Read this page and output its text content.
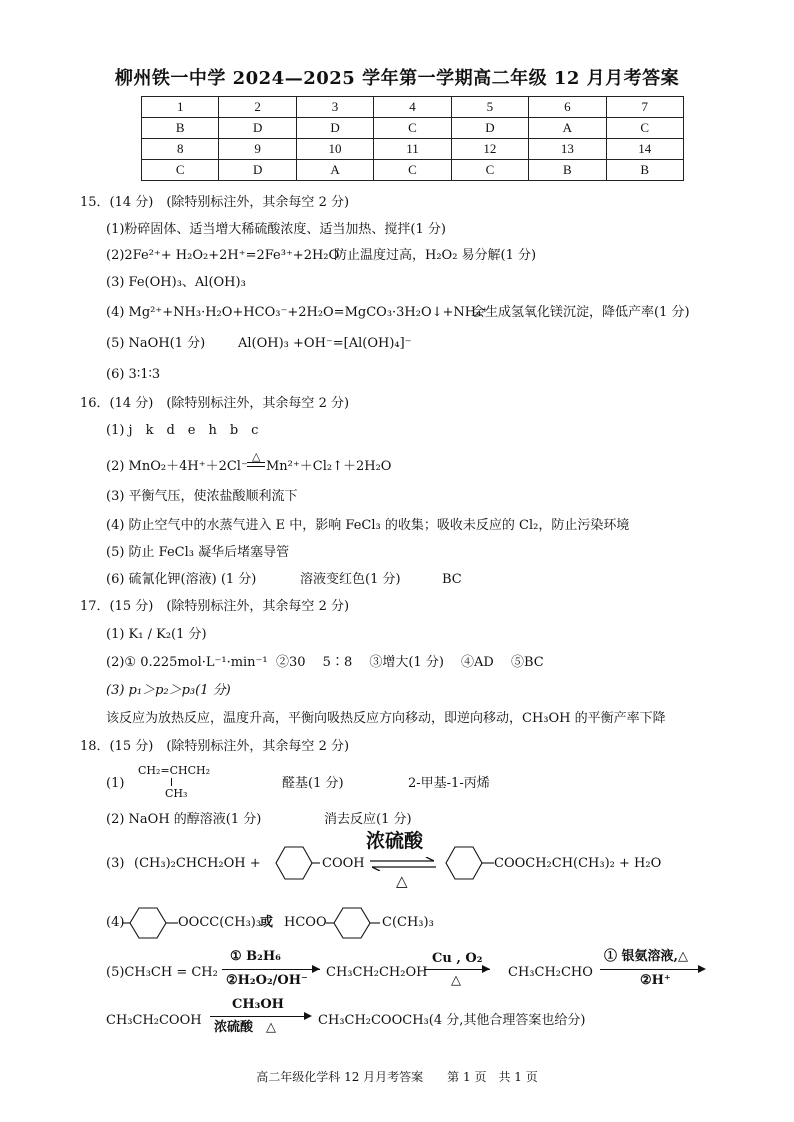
柳州铁一中学 2024—2025 学年第一学期高二年级 12 月月考答案
1	2	3	4	5	6	7
B	D	D	C	D	A	C
8	9	10	11	12	13	14
C	D	A	C	C	B	B
15．(14 分)　(除特别标注外，其余每空 2 分)
(1)粉碎固体、适当增大稀硫酸浓度、适当加热、搅拌(1 分)
(2)2Fe²⁺+ H₂O₂+2H⁺=2Fe³⁺+2H₂O
防止温度过高，H₂O₂ 易分解(1 分)
(3) Fe(OH)₃、Al(OH)₃
(4) Mg²⁺+NH₃·H₂O+HCO₃⁻+2H₂O=MgCO₃·3H₂O↓+NH₄⁺
会生成氢氧化镁沉淀，降低产率(1 分)
(5) NaOH(1 分)	Al(OH)₃ +OH⁻=[Al(OH)₄]⁻
(6) 3∶1∶3
16．(14 分)　(除特别标注外，其余每空 2 分)
(1) j　k　d　e　h　b　c
(2) MnO₂＋4H⁺＋2Cl⁻
△
Mn²⁺＋Cl₂↑＋2H₂O
(3) 平衡气压，使浓盐酸顺利流下
(4) 防止空气中的水蒸气进入 E 中，影响 FeCl₃ 的收集；吸收未反应的 Cl₂，防止污染环境
(5) 防止 FeCl₃ 凝华后堵塞导管
(6) 硫氰化钾(溶液) (1 分)	溶液变红色(1 分)	BC
17．(15 分)　(除特别标注外，其余每空 2 分)
(1) K₁ / K₂(1 分)
(2)① 0.225mol·L⁻¹·min⁻¹ ②30　 5∶8　 ③增大(1 分)　 ④AD　 ⑤BC
(3) p₁＞p₂＞p₃(1 分)
该反应为放热反应，温度升高，平衡向吸热反应方向移动，即逆向移动，CH₃OH 的平衡产率下降
18．(15 分)　(除特别标注外，其余每空 2 分)
(1)
CH₂=CHCH₂
CH₃
醛基(1 分)	2-甲基-1-丙烯
(2) NaOH 的醇溶液(1 分)	消去反应(1 分)
(3) (CH₃)₂CHCH₂OH +	COOH
浓硫酸
△
COOCH₂CH(CH₃)₂ + H₂O
(4)	OOCC(CH₃)₃
或 HCOO	C(CH₃)₃
(5)CH₃CH = CH₂
① B₂H₆
②H₂O₂/OH⁻
CH₃CH₂CH₂OH
Cu , O₂
△
CH₃CH₂CHO
① 银氨溶液,△
②H⁺
CH₃CH₂COOH
CH₃OH
浓硫酸　△	CH₃CH₂COOCH₃(4 分,其他合理答案也给分)
高二年级化学科 12 月月考答案　　第 1 页　共 1 页
